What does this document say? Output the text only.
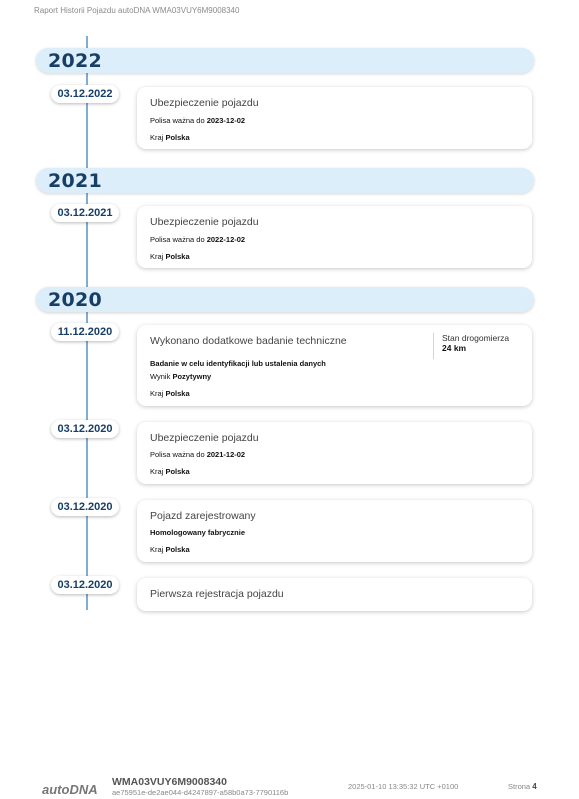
Raport Historii Pojazdu autoDNA WMA03VUY6M9008340
2022
03.12.2022
Ubezpieczenie pojazdu
Polisa ważna do 2023-12-02
Kraj Polska
2021
03.12.2021
Ubezpieczenie pojazdu
Polisa ważna do 2022-12-02
Kraj Polska
2020
11.12.2020
Wykonano dodatkowe badanie techniczne	Stan drogomierza
24 km
Badanie w celu identyfikacji lub ustalenia danych
Wynik Pozytywny
Kraj Polska
03.12.2020
Ubezpieczenie pojazdu
Polisa ważna do 2021-12-02
Kraj Polska
03.12.2020
Pojazd zarejestrowany
Homologowany fabrycznie
Kraj Polska
03.12.2020
Pierwsza rejestracja pojazdu
autoDNA WMA03VUY6M9008340
ae75951e-de2ae044-d4247897-a58b0a73-7790116b
2025-01-10 13:35:32 UTC +0100	Strona 4
